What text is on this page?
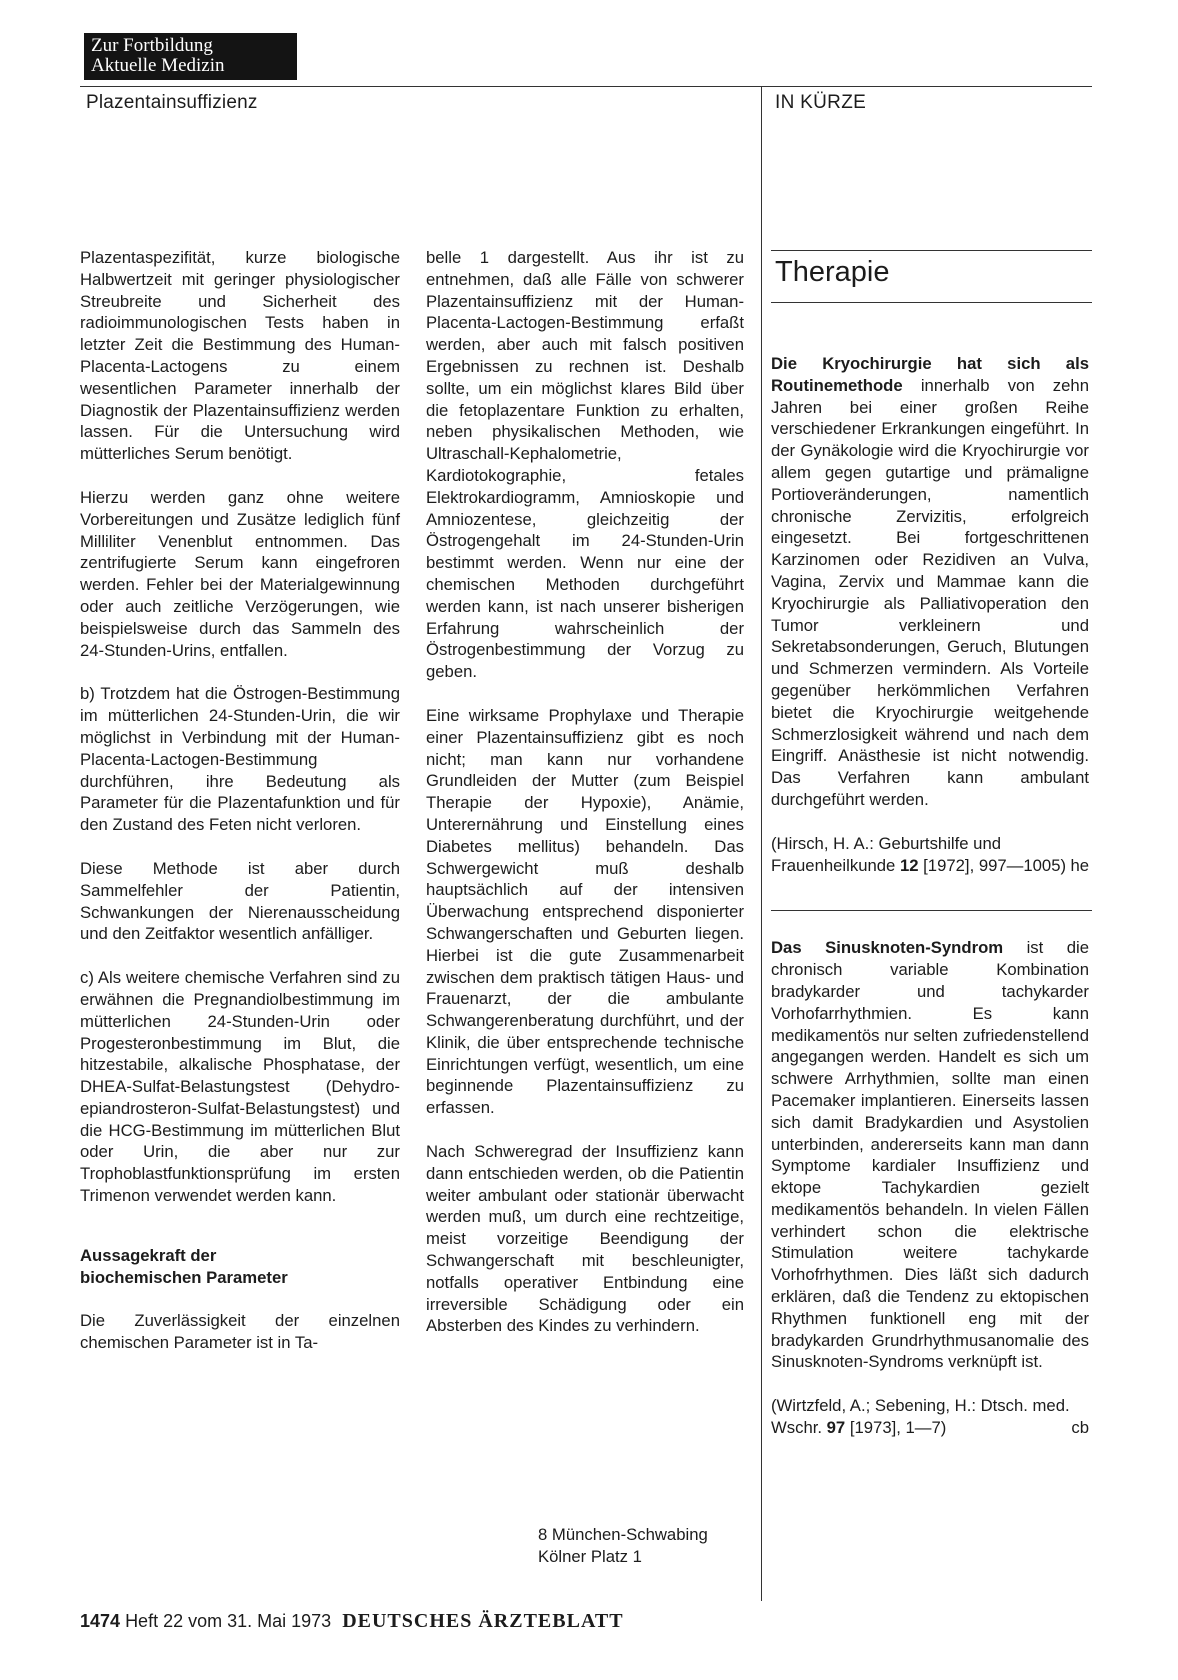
Zur Fortbildung
Aktuelle Medizin
Plazentainsuffizienz	IN KÜRZE

Plazentaspezifität, kurze biologische Halbwertzeit mit geringer physiologischer Streubreite und Sicherheit des radioimmunologischen Tests haben in letzter Zeit die Bestimmung des Human-Placenta-Lactogens zu einem wesentlichen Parameter innerhalb der Diagnostik der Plazentainsuffizienz werden lassen. Für die Untersuchung wird mütterliches Serum benötigt.

Hierzu werden ganz ohne weitere Vorbereitungen und Zusätze lediglich fünf Milliliter Venenblut entnommen. Das zentrifugierte Serum kann eingefroren werden. Fehler bei der Materialgewinnung oder auch zeitliche Verzögerungen, wie beispielsweise durch das Sammeln des 24-Stunden-Urins, entfallen.

b) Trotzdem hat die Östrogen-Bestimmung im mütterlichen 24-Stunden-Urin, die wir möglichst in Verbindung mit der Human-Placenta-Lactogen-Bestimmung durchführen, ihre Bedeutung als Parameter für die Plazentafunktion und für den Zustand des Feten nicht verloren.

Diese Methode ist aber durch Sammelfehler der Patientin, Schwankungen der Nierenausscheidung und den Zeitfaktor wesentlich anfälliger.

c) Als weitere chemische Verfahren sind zu erwähnen die Pregnandiolbestimmung im mütterlichen 24-Stunden-Urin oder Progesteronbestimmung im Blut, die hitzestabile, alkalische Phosphatase, der DHEA-Sulfat-Belastungstest (Dehydro-epiandrosteron-Sulfat-Belastungstest) und die HCG-Bestimmung im mütterlichen Blut oder Urin, die aber nur zur Trophoblastfunktionsprüfung im ersten Trimenon verwendet werden kann.

Aussagekraft der
biochemischen Parameter

Die Zuverlässigkeit der einzelnen chemischen Parameter ist in Ta-

belle 1 dargestellt. Aus ihr ist zu entnehmen, daß alle Fälle von schwerer Plazentainsuffizienz mit der Human-Placenta-Lactogen-Bestimmung erfaßt werden, aber auch mit falsch positiven Ergebnissen zu rechnen ist. Deshalb sollte, um ein möglichst klares Bild über die fetoplazentare Funktion zu erhalten, neben physikalischen Methoden, wie Ultraschall-Kephalometrie, Kardiotokographie, fetales Elektrokardiogramm, Amnioskopie und Amniozentese, gleichzeitig der Östrogengehalt im 24-Stunden-Urin bestimmt werden. Wenn nur eine der chemischen Methoden durchgeführt werden kann, ist nach unserer bisherigen Erfahrung wahrscheinlich der Östrogenbestimmung der Vorzug zu geben.

Eine wirksame Prophylaxe und Therapie einer Plazentainsuffizienz gibt es noch nicht; man kann nur vorhandene Grundleiden der Mutter (zum Beispiel Therapie der Hypoxie), Anämie, Unterernährung und Einstellung eines Diabetes mellitus) behandeln. Das Schwergewicht muß deshalb hauptsächlich auf der intensiven Überwachung entsprechend disponierter Schwangerschaften und Geburten liegen. Hierbei ist die gute Zusammenarbeit zwischen dem praktisch tätigen Haus- und Frauenarzt, der die ambulante Schwangerenberatung durchführt, und der Klinik, die über entsprechende technische Einrichtungen verfügt, wesentlich, um eine beginnende Plazentainsuffizienz zu erfassen.

Nach Schweregrad der Insuffizienz kann dann entschieden werden, ob die Patientin weiter ambulant oder stationär überwacht werden muß, um durch eine rechtzeitige, meist vorzeitige Beendigung der Schwangerschaft mit beschleunigter, notfalls operativer Entbindung eine irreversible Schädigung oder ein Absterben des Kindes zu verhindern.

8 München-Schwabing
Kölner Platz 1
Therapie

Die Kryochirurgie hat sich als Routinemethode innerhalb von zehn Jahren bei einer großen Reihe verschiedener Erkrankungen eingeführt. In der Gynäkologie wird die Kryochirurgie vor allem gegen gutartige und prämaligne Portioveränderungen, namentlich chronische Zervizitis, erfolgreich eingesetzt. Bei fortgeschrittenen Karzinomen oder Rezidiven an Vulva, Vagina, Zervix und Mammae kann die Kryochirurgie als Palliativoperation den Tumor verkleinern und Sekretabsonderungen, Geruch, Blutungen und Schmerzen vermindern. Als Vorteile gegenüber herkömmlichen Verfahren bietet die Kryochirurgie weitgehende Schmerzlosigkeit während und nach dem Eingriff. Anästhesie ist nicht notwendig. Das Verfahren kann ambulant durchgeführt werden.

(Hirsch, H. A.: Geburtshilfe und Frauenheilkunde 12 [1972], 997—1005) he

Das Sinusknoten-Syndrom ist die chronisch variable Kombination bradykarder und tachykarder Vorhofarrhythmien. Es kann medikamentös nur selten zufriedenstellend angegangen werden. Handelt es sich um schwere Arrhythmien, sollte man einen Pacemaker implantieren. Einerseits lassen sich damit Bradykardien und Asystolien unterbinden, andererseits kann man dann Symptome kardialer Insuffizienz und ektope Tachykardien gezielt medikamentös behandeln. In vielen Fällen verhindert schon die elektrische Stimulation weitere tachykarde Vorhofrhythmen. Dies läßt sich dadurch erklären, daß die Tendenz zu ektopischen Rhythmen funktionell eng mit der bradykarden Grundrhythmusanomalie des Sinusknoten-Syndroms verknüpft ist.

(Wirtzfeld, A.; Sebening, H.: Dtsch. med. Wschr. 97 [1973], 1—7)	cb

1474 Heft 22 vom 31. Mai 1973 DEUTSCHES ÄRZTEBLATT
